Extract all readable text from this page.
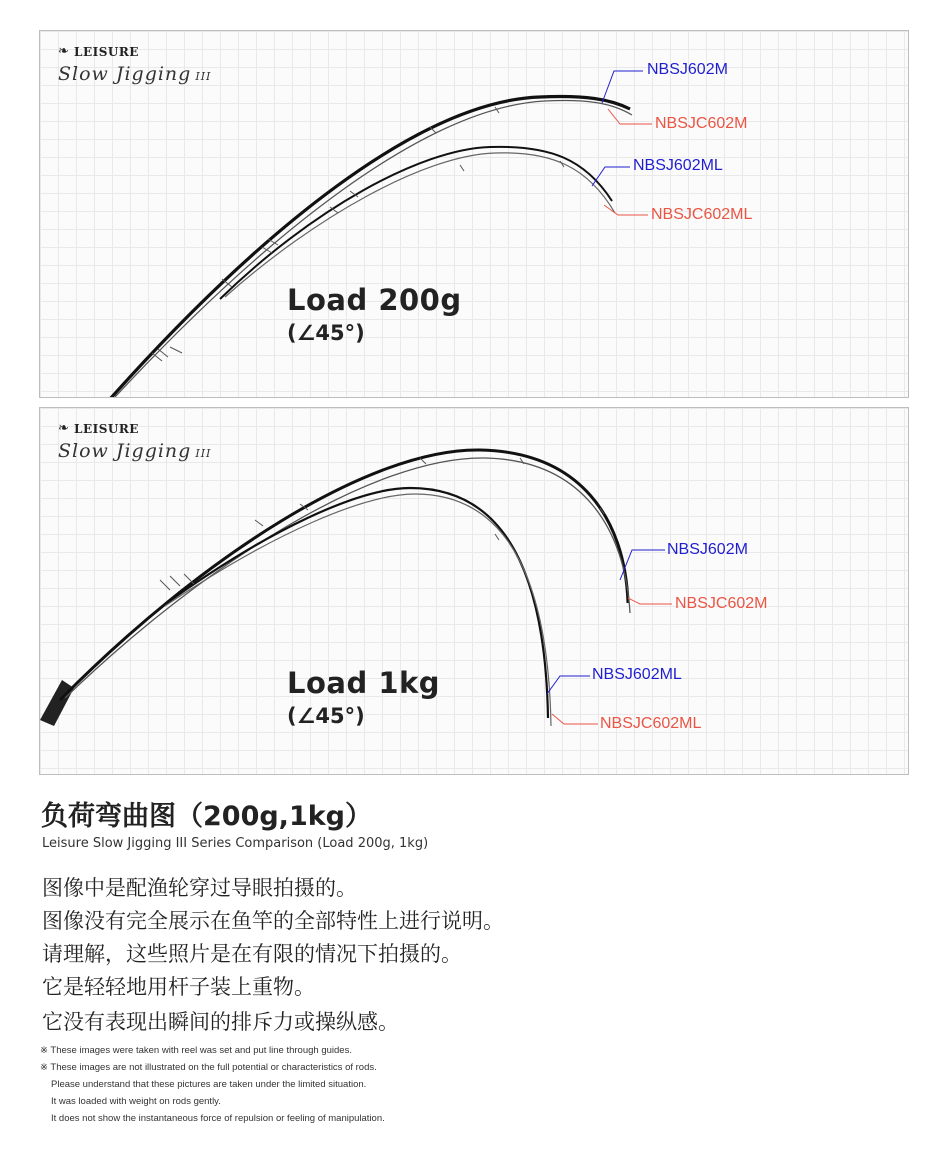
❧ LEISURE
Slow Jigging III
Load 200g
(∠45°)
NBSJ602M
NBSJC602M
NBSJ602ML
NBSJC602ML
❧ LEISURE
Slow Jigging III
Load 1kg
(∠45°)
NBSJ602M
NBSJC602M
NBSJ602ML
NBSJC602ML
负荷弯曲图（200g,1kg）
Leisure Slow Jigging III Series Comparison (Load 200g, 1kg)
图像中是配渔轮穿过导眼拍摄的。
图像没有完全展示在鱼竿的全部特性上进行说明。
请理解，这些照片是在有限的情况下拍摄的。
它是轻轻地用杆子装上重物。
它没有表现出瞬间的排斥力或操纵感。
※ These images were taken with reel was set and put line through guides.
※ These images are not illustrated on the full potential or characteristics of rods.
Please understand that these pictures are taken under the limited situation.
It was loaded with weight on rods gently.
It does not show the instantaneous force of repulsion or feeling of manipulation.
